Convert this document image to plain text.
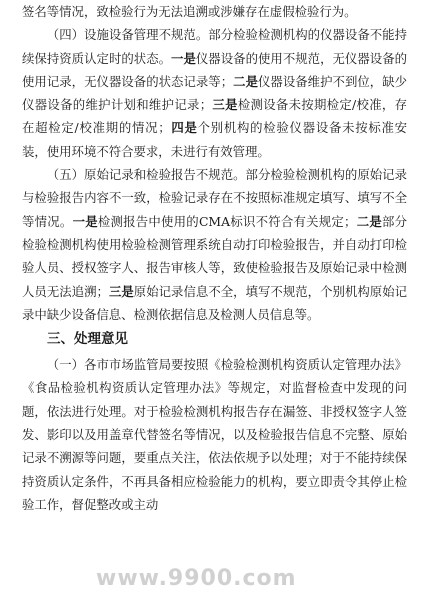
签名等情况，致检验行为无法追溯或涉嫌存在虚假检验行为。

（四）设施设备管理不规范。部分检验检测机构的仪器设备不能持续保持资质认定时的状态。一是仪器设备的使用不规范，无仪器设备的使用记录，无仪器设备的状态记录等；二是仪器设备维护不到位，缺少仪器设备的维护计划和维护记录；三是检测设备未按期检定/校准，存在超检定/校准期的情况；四是个别机构的检验仪器设备未按标准安装，使用环境不符合要求，未进行有效管理。

（五）原始记录和检验报告不规范。部分检验检测机构的原始记录与检验报告内容不一致，检验记录存在不按照标准规定填写、填写不全等情况。一是检测报告中使用的CMA标识不符合有关规定；二是部分检验检测机构使用检验检测管理系统自动打印检验报告，并自动打印检验人员、授权签字人、报告审核人等，致使检验报告及原始记录中检测人员无法追溯；三是原始记录信息不全，填写不规范，个别机构原始记录中缺少设备信息、检测依据信息及检测人员信息等。

三、处理意见

（一）各市市场监管局要按照《检验检测机构资质认定管理办法》《食品检验机构资质认定管理办法》等规定，对监督检查中发现的问题，依法进行处理。对于检验检测机构报告存在漏签、非授权签字人签发、影印以及用盖章代替签名等情况，以及检验报告信息不完整、原始记录不溯源等问题，要重点关注，依法依规予以处理；对于不能持续保持资质认定条件，不再具备相应检验能力的机构，要立即责令其停止检验工作，督促整改或主动

www.9900.com
